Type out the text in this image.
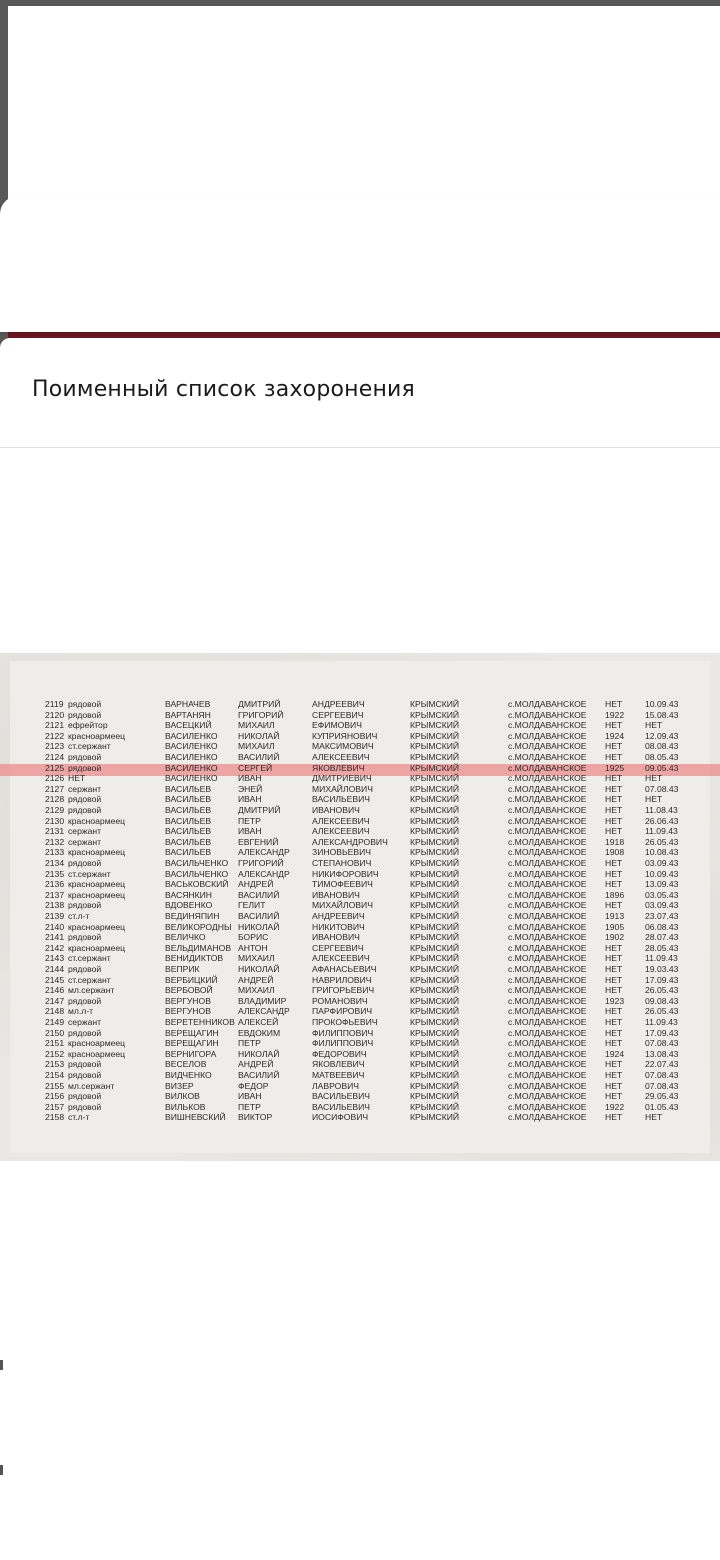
Поименный список захоронения
2119 рядовой	ВАРНАЧЕВ	ДМИТРИЙ	АНДРЕЕВИЧ	КРЫМСКИЙ	с.МОЛДАВАНСКОЕ НЕТ	10.09.43
2120 рядовой	ВАРТАНЯН	ГРИГОРИЙ	СЕРГЕЕВИЧ	КРЫМСКИЙ	с.МОЛДАВАНСКОЕ 1922 15.08.43
2121 ефрейтор	ВАСЕЦКИЙ	МИХАИЛ	ЕФИМОВИЧ	КРЫМСКИЙ	с.МОЛДАВАНСКОЕ НЕТ	НЕТ
2122 красноармеец	ВАСИЛЕНКО НИКОЛАЙ	КУПРИЯНОВИЧ	КРЫМСКИЙ	с.МОЛДАВАНСКОЕ 1924 12.09.43
2123 ст.сержант	ВАСИЛЕНКО МИХАИЛ	МАКСИМОВИЧ	КРЫМСКИЙ	с.МОЛДАВАНСКОЕ НЕТ	08.08.43
2124 рядовой	ВАСИЛЕНКО ВАСИЛИЙ	АЛЕКСЕЕВИЧ	КРЫМСКИЙ	с.МОЛДАВАНСКОЕ НЕТ	08.05.43
2125 рядовой	ВАСИЛЕНКО СЕРГЕЙ	ЯКОВЛЕВИЧ	КРЫМСКИЙ	с.МОЛДАВАНСКОЕ 1925 09.05.43
2126 НЕТ	ВАСИЛЕНКО ИВАН	ДМИТРИЕВИЧ	КРЫМСКИЙ	с.МОЛДАВАНСКОЕ НЕТ	НЕТ
2127 сержант	ВАСИЛЬЕВ	ЭНЕЙ	МИХАЙЛОВИЧ	КРЫМСКИЙ	с.МОЛДАВАНСКОЕ НЕТ	07.08.43
2128 рядовой	ВАСИЛЬЕВ	ИВАН	ВАСИЛЬЕВИЧ	КРЫМСКИЙ	с.МОЛДАВАНСКОЕ НЕТ	НЕТ
2129 рядовой	ВАСИЛЬЕВ	ДМИТРИЙ	ИВАНОВИЧ	КРЫМСКИЙ	с.МОЛДАВАНСКОЕ НЕТ	11.08.43
2130 красноармеец	ВАСИЛЬЕВ	ПЕТР	АЛЕКСЕЕВИЧ	КРЫМСКИЙ	с.МОЛДАВАНСКОЕ НЕТ	26.06.43
2131 сержант	ВАСИЛЬЕВ	ИВАН	АЛЕКСЕЕВИЧ	КРЫМСКИЙ	с.МОЛДАВАНСКОЕ НЕТ	11.09.43
2132 сержант	ВАСИЛЬЕВ	ЕВГЕНИЙ	АЛЕКСАНДРОВИЧ	КРЫМСКИЙ	с.МОЛДАВАНСКОЕ 1918 26.05.43
2133 красноармеец	ВАСИЛЬЕВ	АЛЕКСАНДР	ЗИНОВЬЕВИЧ	КРЫМСКИЙ	с.МОЛДАВАНСКОЕ 1908 10.08.43
2134 рядовой	ВАСИЛЬЧЕНКО ГРИГОРИЙ	СТЕПАНОВИЧ	КРЫМСКИЙ	с.МОЛДАВАНСКОЕ НЕТ	03.09.43
2135 ст.сержант	ВАСИЛЬЧЕНКО АЛЕКСАНДР	НИКИФОРОВИЧ	КРЫМСКИЙ	с.МОЛДАВАНСКОЕ НЕТ	10.09.43
2136 красноармеец	ВАСЬКОВСКИЙ АНДРЕЙ	ТИМОФЕЕВИЧ	КРЫМСКИЙ	с.МОЛДАВАНСКОЕ НЕТ	13.09.43
2137 красноармеец	ВАСЯНКИН	ВАСИЛИЙ	ИВАНОВИЧ	КРЫМСКИЙ	с.МОЛДАВАНСКОЕ 1896 03.05.43
2138 рядовой	ВДОВЕНКО	ГЕЛИТ	МИХАЙЛОВИЧ	КРЫМСКИЙ	с.МОЛДАВАНСКОЕ НЕТ	03.09.43
2139 ст.л-т	ВЕДИНЯПИН ВАСИЛИЙ	АНДРЕЕВИЧ	КРЫМСКИЙ	с.МОЛДАВАНСКОЕ 1913 23.07.43
2140 красноармеец	ВЕЛИКОРОДНЫ НИКОЛАЙ	НИКИТОВИЧ	КРЫМСКИЙ	с.МОЛДАВАНСКОЕ 1905 06.08.43
2141 рядовой	ВЕЛИЧКО	БОРИС	ИВАНОВИЧ	КРЫМСКИЙ	с.МОЛДАВАНСКОЕ 1902 28.07.43
2142 красноармеец	ВЕЛЬДИМАНОВ АНТОН	СЕРГЕЕВИЧ	КРЫМСКИЙ	с.МОЛДАВАНСКОЕ НЕТ	28.05.43
2143 ст.сержант	ВЕНИДИКТОВ МИХАИЛ	АЛЕКСЕЕВИЧ	КРЫМСКИЙ	с.МОЛДАВАНСКОЕ НЕТ	11.09.43
2144 рядовой	ВЕПРИК	НИКОЛАЙ	АФАНАСЬЕВИЧ	КРЫМСКИЙ	с.МОЛДАВАНСКОЕ НЕТ	19.03.43
2145 ст.сержант	ВЕРБИЦКИЙ АНДРЕЙ	НАВРИЛОВИЧ	КРЫМСКИЙ	с.МОЛДАВАНСКОЕ НЕТ	17.09.43
2146 мл.сержант	ВЕРБОВОЙ	МИХАИЛ	ГРИГОРЬЕВИЧ	КРЫМСКИЙ	с.МОЛДАВАНСКОЕ НЕТ	26.05.43
2147 рядовой	ВЕРГУНОВ	ВЛАДИМИР	РОМАНОВИЧ	КРЫМСКИЙ	с.МОЛДАВАНСКОЕ 1923 09.08.43
2148 мл.л-т	ВЕРГУНОВ	АЛЕКСАНДР	ПАРФИРОВИЧ	КРЫМСКИЙ	с.МОЛДАВАНСКОЕ НЕТ	26.05.43
2149 сержант	ВЕРЕТЕННИКОВ АЛЕКСЕЙ	ПРОКОФЬЕВИЧ	КРЫМСКИЙ	с.МОЛДАВАНСКОЕ НЕТ	11.09.43
2150 рядовой	ВЕРЕЩАГИН ЕВДОКИМ	ФИЛИППОВИЧ	КРЫМСКИЙ	с.МОЛДАВАНСКОЕ НЕТ	17.09.43
2151 красноармеец	ВЕРЕЩАГИН ПЕТР	ФИЛИППОВИЧ	КРЫМСКИЙ	с.МОЛДАВАНСКОЕ НЕТ	07.08.43
2152 красноармеец	ВЕРНИГОРА	НИКОЛАЙ	ФЕДОРОВИЧ	КРЫМСКИЙ	с.МОЛДАВАНСКОЕ 1924 13.08.43
2153 рядовой	ВЕСЕЛОВ	АНДРЕЙ	ЯКОВЛЕВИЧ	КРЫМСКИЙ	с.МОЛДАВАНСКОЕ НЕТ	22.07.43
2154 рядовой	ВИДЧЕНКО	ВАСИЛИЙ	МАТВЕЕВИЧ	КРЫМСКИЙ	с.МОЛДАВАНСКОЕ НЕТ	07.08.43
2155 мл.сержант	ВИЗЕР	ФЕДОР	ЛАВРОВИЧ	КРЫМСКИЙ	с.МОЛДАВАНСКОЕ НЕТ	07.08.43
2156 рядовой	ВИЛКОВ	ИВАН	ВАСИЛЬЕВИЧ	КРЫМСКИЙ	с.МОЛДАВАНСКОЕ НЕТ	29.05.43
2157 рядовой	ВИЛЬКОВ	ПЕТР	ВАСИЛЬЕВИЧ	КРЫМСКИЙ	с.МОЛДАВАНСКОЕ 1922 01.05.43
2158 ст.л-т	ВИШНЕВСКИЙ ВИКТОР	ИОСИФОВИЧ	КРЫМСКИЙ	с.МОЛДАВАНСКОЕ НЕТ	НЕТ
